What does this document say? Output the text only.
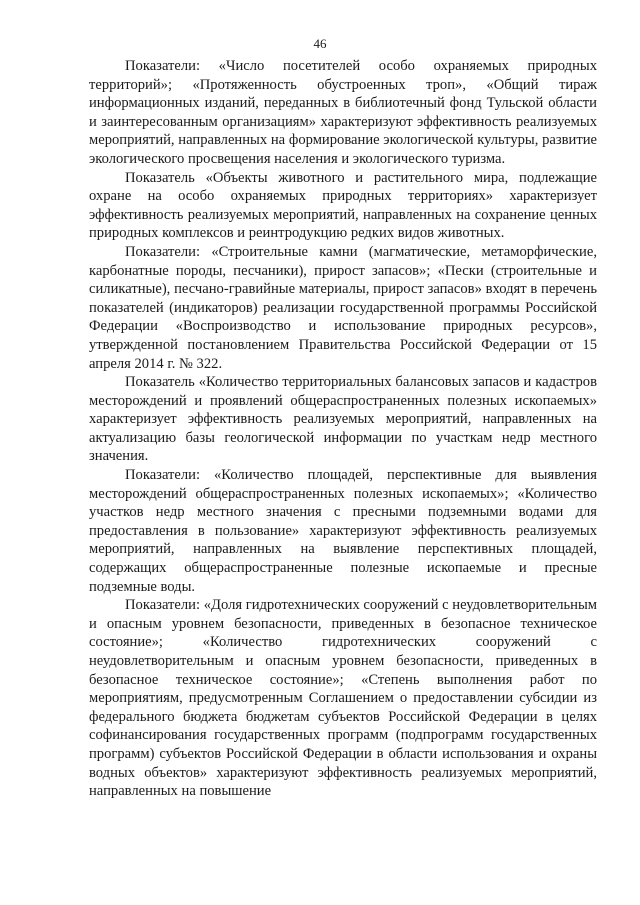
46

Показатели: «Число посетителей особо охраняемых природных территорий»; «Протяженность обустроенных троп», «Общий тираж информационных изданий, переданных в библиотечный фонд Тульской области и заинтересованным организациям» характеризуют эффективность реализуемых мероприятий, направленных на формирование экологической культуры, развитие экологического просвещения населения и экологического туризма.

Показатель «Объекты животного и растительного мира, подлежащие охране на особо охраняемых природных территориях» характеризует эффективность реализуемых мероприятий, направленных на сохранение ценных природных комплексов и реинтродукцию редких видов животных.

Показатели: «Строительные камни (магматические, метаморфические, карбонатные породы, песчаники), прирост запасов»; «Пески (строительные и силикатные), песчано-гравийные материалы, прирост запасов» входят в перечень показателей (индикаторов) реализации государственной программы Российской Федерации «Воспроизводство и использование природных ресурсов», утвержденной постановлением Правительства Российской Федерации от 15 апреля 2014 г. № 322.

Показатель «Количество территориальных балансовых запасов и кадастров месторождений и проявлений общераспространенных полезных ископаемых» характеризует эффективность реализуемых мероприятий, направленных на актуализацию базы геологической информации по участкам недр местного значения.

Показатели: «Количество площадей, перспективные для выявления месторождений общераспространенных полезных ископаемых»; «Количество участков недр местного значения с пресными подземными водами для предоставления в пользование» характеризуют эффективность реализуемых мероприятий, направленных на выявление перспективных площадей, содержащих общераспространенные полезные ископаемые и пресные подземные воды.

Показатели: «Доля гидротехнических сооружений с неудовлетворительным и опасным уровнем безопасности, приведенных в безопасное техническое состояние»; «Количество гидротехнических сооружений с неудовлетворительным и опасным уровнем безопасности, приведенных в безопасное техническое состояние»; «Степень выполнения работ по мероприятиям, предусмотренным Соглашением о предоставлении субсидии из федерального бюджета бюджетам субъектов Российской Федерации в целях софинансирования государственных программ (подпрограмм государственных программ) субъектов Российской Федерации в области использования и охраны водных объектов» характеризуют эффективность реализуемых мероприятий, направленных на повышение
